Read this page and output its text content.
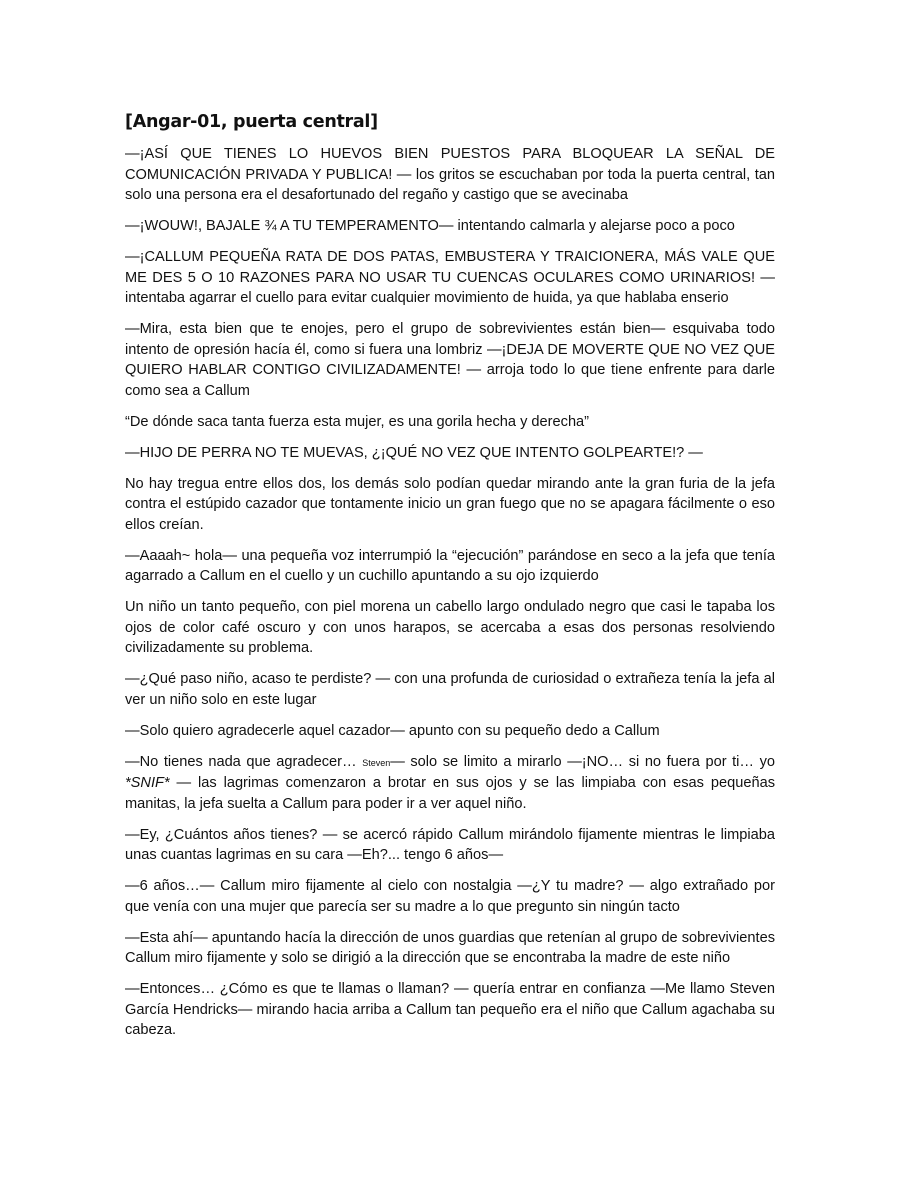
[Angar-01, puerta central]

—¡ASÍ QUE TIENES LO HUEVOS BIEN PUESTOS PARA BLOQUEAR LA SEÑAL DE COMUNICACIÓN PRIVADA Y PUBLICA! — los gritos se escuchaban por toda la puerta central, tan solo una persona era el desafortunado del regaño y castigo que se avecinaba

—¡WOUW!, BAJALE ¾ A TU TEMPERAMENTO— intentando calmarla y alejarse poco a poco

—¡CALLUM PEQUEÑA RATA DE DOS PATAS, EMBUSTERA Y TRAICIONERA, MÁS VALE QUE ME DES 5 O 10 RAZONES PARA NO USAR TU CUENCAS OCULARES COMO URINARIOS! — intentaba agarrar el cuello para evitar cualquier movimiento de huida, ya que hablaba enserio

—Mira, esta bien que te enojes, pero el grupo de sobrevivientes están bien— esquivaba todo intento de opresión hacía él, como si fuera una lombriz —¡DEJA DE MOVERTE QUE NO VEZ QUE QUIERO HABLAR CONTIGO CIVILIZADAMENTE! — arroja todo lo que tiene enfrente para darle como sea a Callum

“De dónde saca tanta fuerza esta mujer, es una gorila hecha y derecha”

—HIJO DE PERRA NO TE MUEVAS, ¿¡QUÉ NO VEZ QUE INTENTO GOLPEARTE!? —

No hay tregua entre ellos dos, los demás solo podían quedar mirando ante la gran furia de la jefa contra el estúpido cazador que tontamente inicio un gran fuego que no se apagara fácilmente o eso ellos creían.

—Aaaah~ hola— una pequeña voz interrumpió la “ejecución” parándose en seco a la jefa que tenía agarrado a Callum en el cuello y un cuchillo apuntando a su ojo izquierdo

Un niño un tanto pequeño, con piel morena un cabello largo ondulado negro que casi le tapaba los ojos de color café oscuro y con unos harapos, se acercaba a esas dos personas resolviendo civilizadamente su problema.

—¿Qué paso niño, acaso te perdiste? — con una profunda de curiosidad o extrañeza tenía la jefa al ver un niño solo en este lugar

—Solo quiero agradecerle aquel cazador— apunto con su pequeño dedo a Callum

—No tienes nada que agradecer… Steven— solo se limito a mirarlo —¡NO… si no fuera por ti… yo *SNIF* — las lagrimas comenzaron a brotar en sus ojos y se las limpiaba con esas pequeñas manitas, la jefa suelta a Callum para poder ir a ver aquel niño.

—Ey, ¿Cuántos años tienes? — se acercó rápido Callum mirándolo fijamente mientras le limpiaba unas cuantas lagrimas en su cara —Eh?... tengo 6 años—

—6 años…— Callum miro fijamente al cielo con nostalgia —¿Y tu madre? — algo extrañado por que venía con una mujer que parecía ser su madre a lo que pregunto sin ningún tacto

—Esta ahí— apuntando hacía la dirección de unos guardias que retenían al grupo de sobrevivientes Callum miro fijamente y solo se dirigió a la dirección que se encontraba la madre de este niño

—Entonces… ¿Cómo es que te llamas o llaman? — quería entrar en confianza —Me llamo Steven García Hendricks— mirando hacia arriba a Callum tan pequeño era el niño que Callum agachaba su cabeza.
